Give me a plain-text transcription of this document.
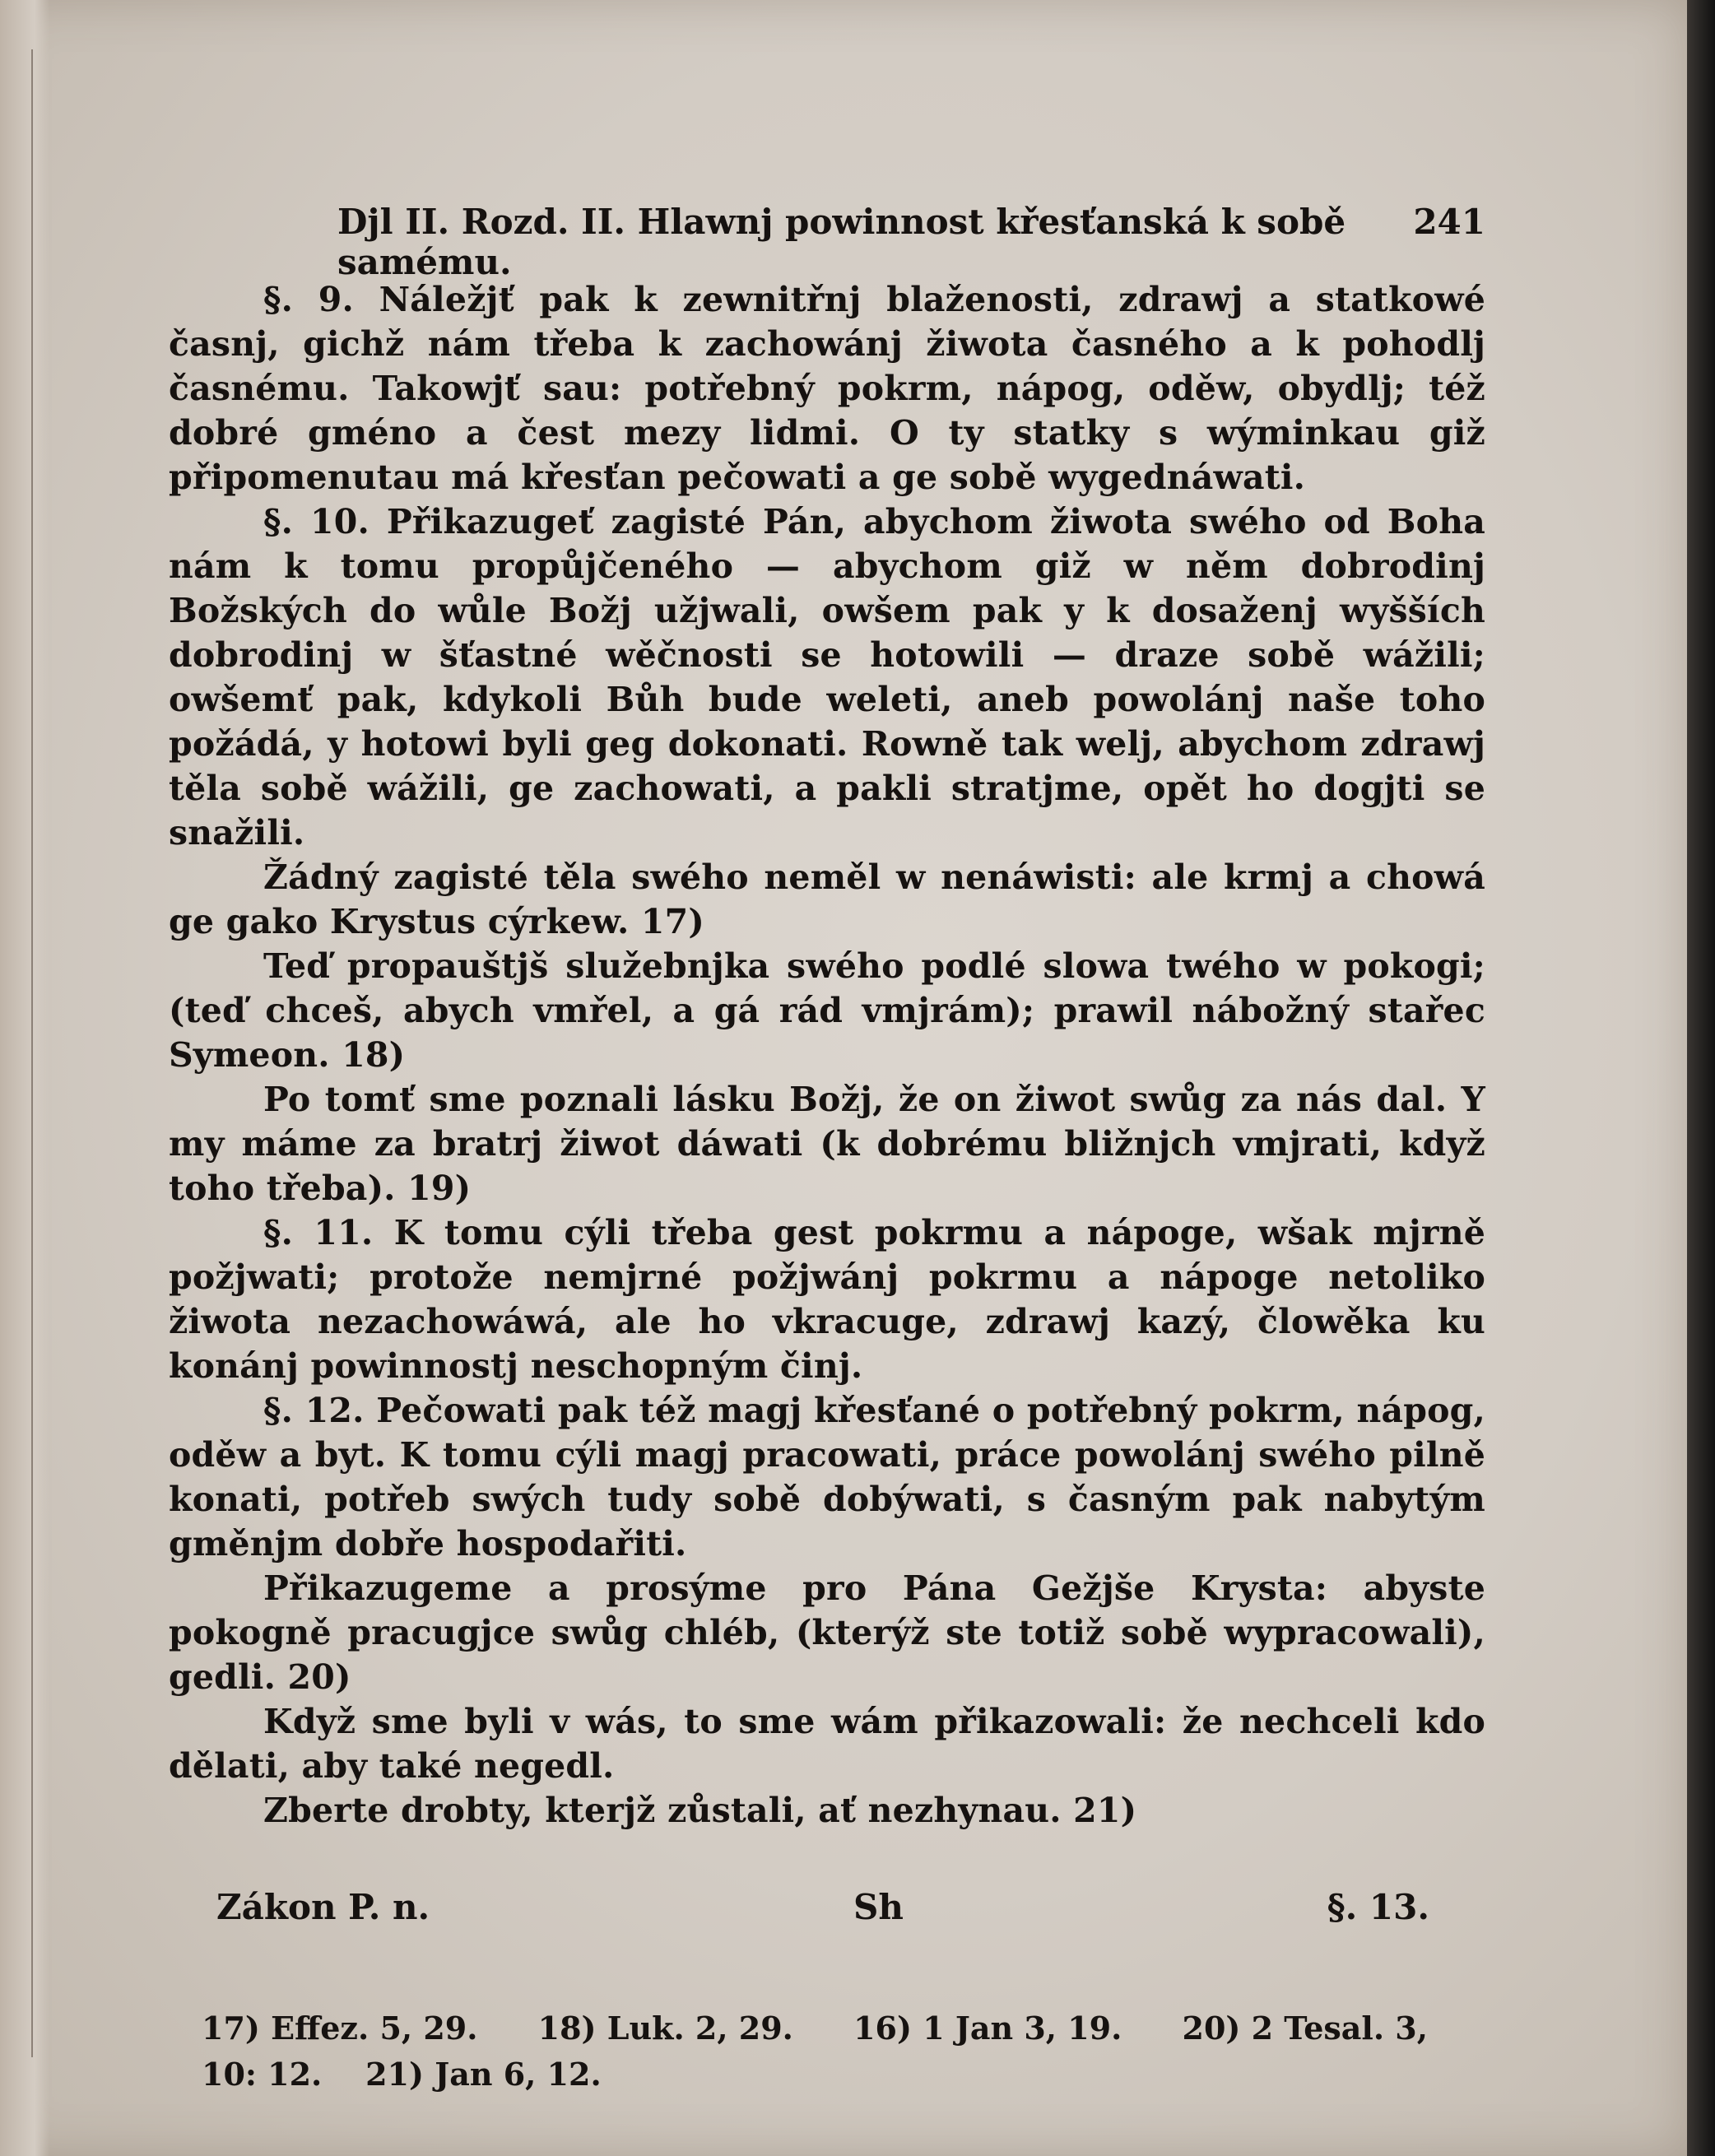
Djl II. Rozd. II. Hlawnj powinnost křesťanská k sobě samému.
241

§. 9. Náležjť pak k zewnitřnj blaženosti, zdrawj a statkowé časnj, gichž nám třeba k zachowánj žiwota časného a k pohodlj časnému. Takowjť sau: potřebný pokrm, nápog, oděw, obydlj; též dobré gméno a čest mezy lidmi. O ty statky s wýminkau giž připomenutau má křesťan pečowati a ge sobě wygednáwati.

§. 10. Přikazugeť zagisté Pán, abychom žiwota swého od Boha nám k tomu propůjčeného — abychom giž w něm dobrodinj Božských do wůle Božj užjwali, owšem pak y k dosaženj wyšších dobrodinj w šťastné wěčnosti se hotowili — draze sobě wážili; owšemť pak, kdykoli Bůh bude weleti, aneb powolánj naše toho požádá, y hotowi byli geg dokonati. Rowně tak welj, abychom zdrawj těla sobě wážili, ge zachowati, a pakli stratjme, opět ho dogjti se snažili.

Žádný zagisté těla swého neměl w nenáwisti: ale krmj a chowá ge gako Krystus cýrkew. 17)

Teď propauštjš služebnjka swého podlé slowa twého w pokogi; (teď chceš, abych vmřel, a gá rád vmjrám); prawil nábožný stařec Symeon. 18)

Po tomť sme poznali lásku Božj, že on žiwot swůg za nás dal. Y my máme za bratrj žiwot dáwati (k dobrému bližnjch vmjrati, když toho třeba). 19)

§. 11. K tomu cýli třeba gest pokrmu a nápoge, wšak mjrně požjwati; protože nemjrné požjwánj pokrmu a nápoge netoliko žiwota nezachowáwá, ale ho vkracuge, zdrawj kazý, člowěka ku konánj powinnostj neschopným činj.

§. 12. Pečowati pak též magj křesťané o potřebný pokrm, nápog, oděw a byt. K tomu cýli magj pracowati, práce powolánj swého pilně konati, potřeb swých tudy sobě dobýwati, s časným pak nabytým gměnjm dobře hospodařiti.

Přikazugeme a prosýme pro Pána Gežjše Krysta: abyste pokogně pracugjce swůg chléb, (kterýž ste totiž sobě wypracowali), gedli. 20)

Když sme byli v wás, to sme wám přikazowali: že nechceli kdo dělati, aby také negedl.

Zberte drobty, kterjž zůstali, ať nezhynau. 21)

Zákon P. n.	Sh	§. 13.
17) Effez. 5, 29. 18) Luk. 2, 29. 16) 1 Jan 3, 19. 20) 2 Tesal. 3,
10: 12. 21) Jan 6, 12.
